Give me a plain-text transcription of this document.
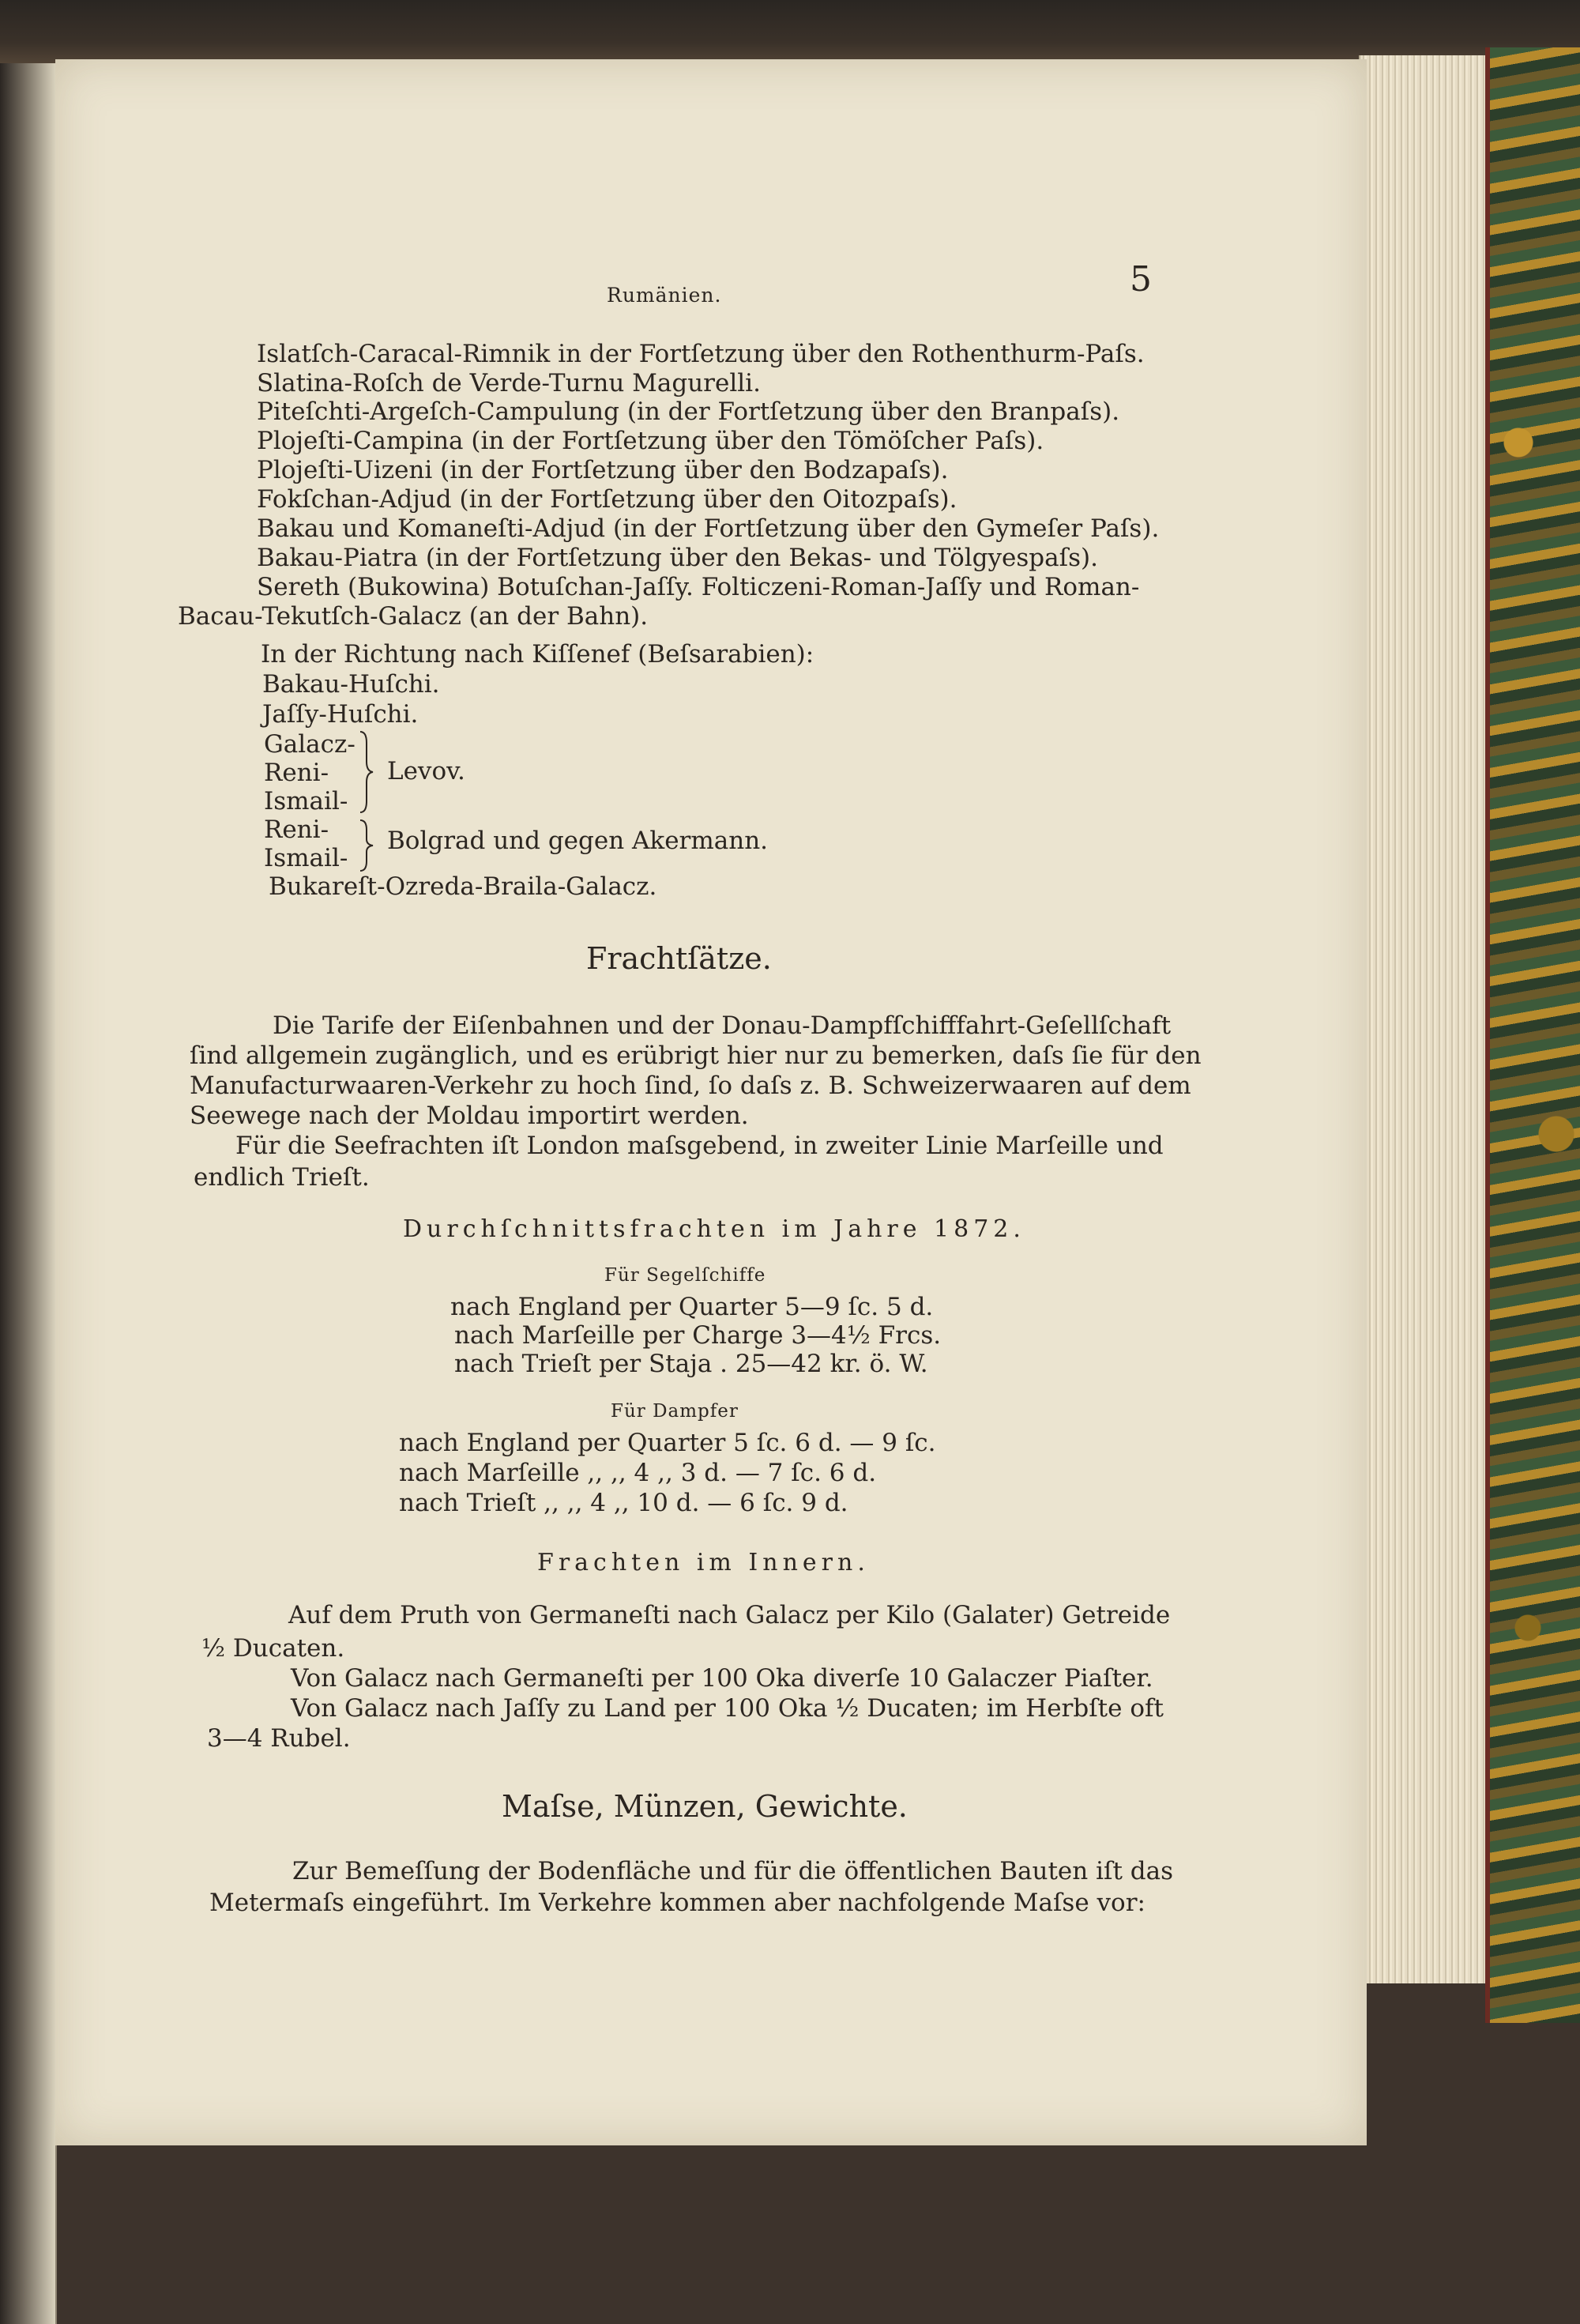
Rumänien.	5
Islatſch-Caracal-Rimnik in der Fortſetzung über den Rothenthurm-Paſs.
Slatina-Roſch de Verde-Turnu Magurelli.
Piteſchti-Argeſch-Campulung (in der Fortſetzung über den Branpaſs).
Plojeſti-Campina (in der Fortſetzung über den Tömöſcher Paſs).
Plojeſti-Uizeni (in der Fortſetzung über den Bodzapaſs).
Fokſchan-Adjud (in der Fortſetzung über den Oitozpaſs).
Bakau und Komaneſti-Adjud (in der Fortſetzung über den Gymeſer Paſs).
Bakau-Piatra (in der Fortſetzung über den Bekas- und Tölgyespaſs).
Sereth (Bukowina) Botuſchan-Jaſſy. Folticzeni-Roman-Jaſſy und Roman-
Bacau-Tekutſch-Galacz (an der Bahn).
In der Richtung nach Kiſſenef (Beſsarabien):
Bakau-Huſchi.
Jaſſy-Huſchi.
Galacz-
Reni-
Ismail-
Levov.
Reni-
Ismail-
Bolgrad und gegen Akermann.
Bukareſt-Ozreda-Braila-Galacz.
Frachtſätze.
Die Tarife der Eiſenbahnen und der Donau-Dampfſchifffahrt-Geſellſchaft
ſind allgemein zugänglich, und es erübrigt hier nur zu bemerken, daſs ſie für den
Manufacturwaaren-Verkehr zu hoch ſind, ſo daſs z. B. Schweizerwaaren auf dem
Seewege nach der Moldau importirt werden.
Für die Seefrachten iſt London maſsgebend, in zweiter Linie Marſeille und
endlich Trieſt.
Durchſchnittsfrachten im Jahre 1872.
Für Segelſchiffe
nach England per Quarter 5—9 ſc. 5 d.
nach Marſeille per Charge 3—4½ Frcs.
nach Trieſt per Staja . 25—42 kr. ö. W.
Für Dampfer
nach England per Quarter 5 ſc. 6 d. — 9 ſc.
nach Marſeille ,, ,, 4 ,, 3 d. — 7 ſc. 6 d.
nach Trieſt ,, ,, 4 ,, 10 d. — 6 ſc. 9 d.
Frachten im Innern.
Auf dem Pruth von Germaneſti nach Galacz per Kilo (Galater) Getreide
½ Ducaten.
Von Galacz nach Germaneſti per 100 Oka diverſe 10 Galaczer Piaſter.
Von Galacz nach Jaſſy zu Land per 100 Oka ½ Ducaten; im Herbſte oft
3—4 Rubel.
Maſse, Münzen, Gewichte.
Zur Bemeſſung der Bodenfläche und für die öffentlichen Bauten iſt das
Metermaſs eingeführt. Im Verkehre kommen aber nachfolgende Maſse vor:
